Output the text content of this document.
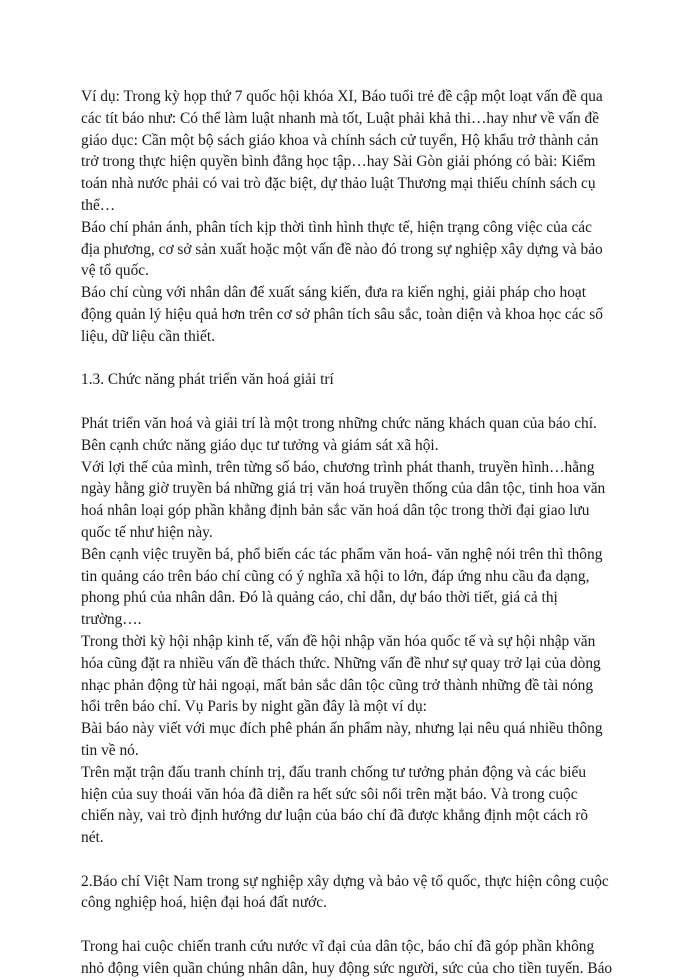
Ví dụ: Trong kỳ họp thứ 7 quốc hội khóa XI, Báo tuổi trẻ đề cập một loạt vấn đề qua
các tít báo như: Có thể làm luật nhanh mà tốt, Luật phải khả thi…hay như về vấn đề
giáo dục: Cần một bộ sách giáo khoa và chính sách cử tuyển, Hộ khẩu trở thành cản
trở trong thực hiện quyền bình đẳng học tập…hay Sài Gòn giải phóng có bài: Kiểm
toán nhà nước phải có vai trò đặc biệt, dự thảo luật Thương mại thiếu chính sách cụ
thể…

Báo chí phản ánh, phân tích kịp thời tình hình thực tế, hiện trạng công việc của các
địa phương, cơ sở sản xuất hoặc một vấn đề nào đó trong sự nghiệp xây dựng và bảo
vệ tổ quốc.

Báo chí cùng với nhân dân để xuất sáng kiến, đưa ra kiến nghị, giải pháp cho hoạt
động quản lý hiệu quả hơn trên cơ sở phân tích sâu sắc, toàn diện và khoa học các số
liệu, dữ liệu cần thiết.

1.3. Chức năng phát triển văn hoá giải trí

Phát triển văn hoá và giải trí là một trong những chức năng khách quan của báo chí.
Bên cạnh chức năng giáo dục tư tưởng và giám sát xã hội.

Với lợi thế của mình, trên từng số báo, chương trình phát thanh, truyền hình…hằng
ngày hằng giờ truyền bá những giá trị văn hoá truyền thống của dân tộc, tinh hoa văn
hoá nhân loại góp phần khẳng định bản sắc văn hoá dân tộc trong thời đại giao lưu
quốc tế như hiện này.

Bên cạnh việc truyền bá, phổ biến các tác phẩm văn hoá- văn nghệ nói trên thì thông
tin quảng cáo trên báo chí cũng có ý nghĩa xã hội to lớn, đáp ứng nhu cầu đa dạng,
phong phú của nhân dân. Đó là quảng cáo, chỉ dẫn, dự báo thời tiết, giá cả thị
trường….

Trong thời kỳ hội nhập kinh tế, vấn đề hội nhập văn hóa quốc tế và sự hội nhập văn
hóa cũng đặt ra nhiều vấn đề thách thức. Những vấn đề như sự quay trở lại của dòng
nhạc phản động từ hải ngoại, mất bản sắc dân tộc cũng trở thành những đề tài nóng
hổi trên báo chí. Vụ Paris by night gần đây là một ví dụ:

Bài báo này viết với mục đích phê phán ấn phẩm này, nhưng lại nêu quá nhiều thông
tin về nó.

Trên mặt trận đấu tranh chính trị, đấu tranh chống tư tưởng phản động và các biểu
hiện của suy thoái văn hóa đã diễn ra hết sức sôi nổi trên mặt báo. Và trong cuộc
chiến này, vai trò định hướng dư luận của báo chí đã được khẳng định một cách rõ
nét.

2.Báo chí Việt Nam trong sự nghiệp xây dựng và bảo vệ tổ quốc, thực hiện công cuộc
công nghiệp hoá, hiện đại hoá đất nước.

Trong hai cuộc chiến tranh cứu nước vĩ đại của dân tộc, báo chí đã góp phần không
nhỏ động viên quần chúng nhân dân, huy động sức người, sức của cho tiền tuyến. Báo
